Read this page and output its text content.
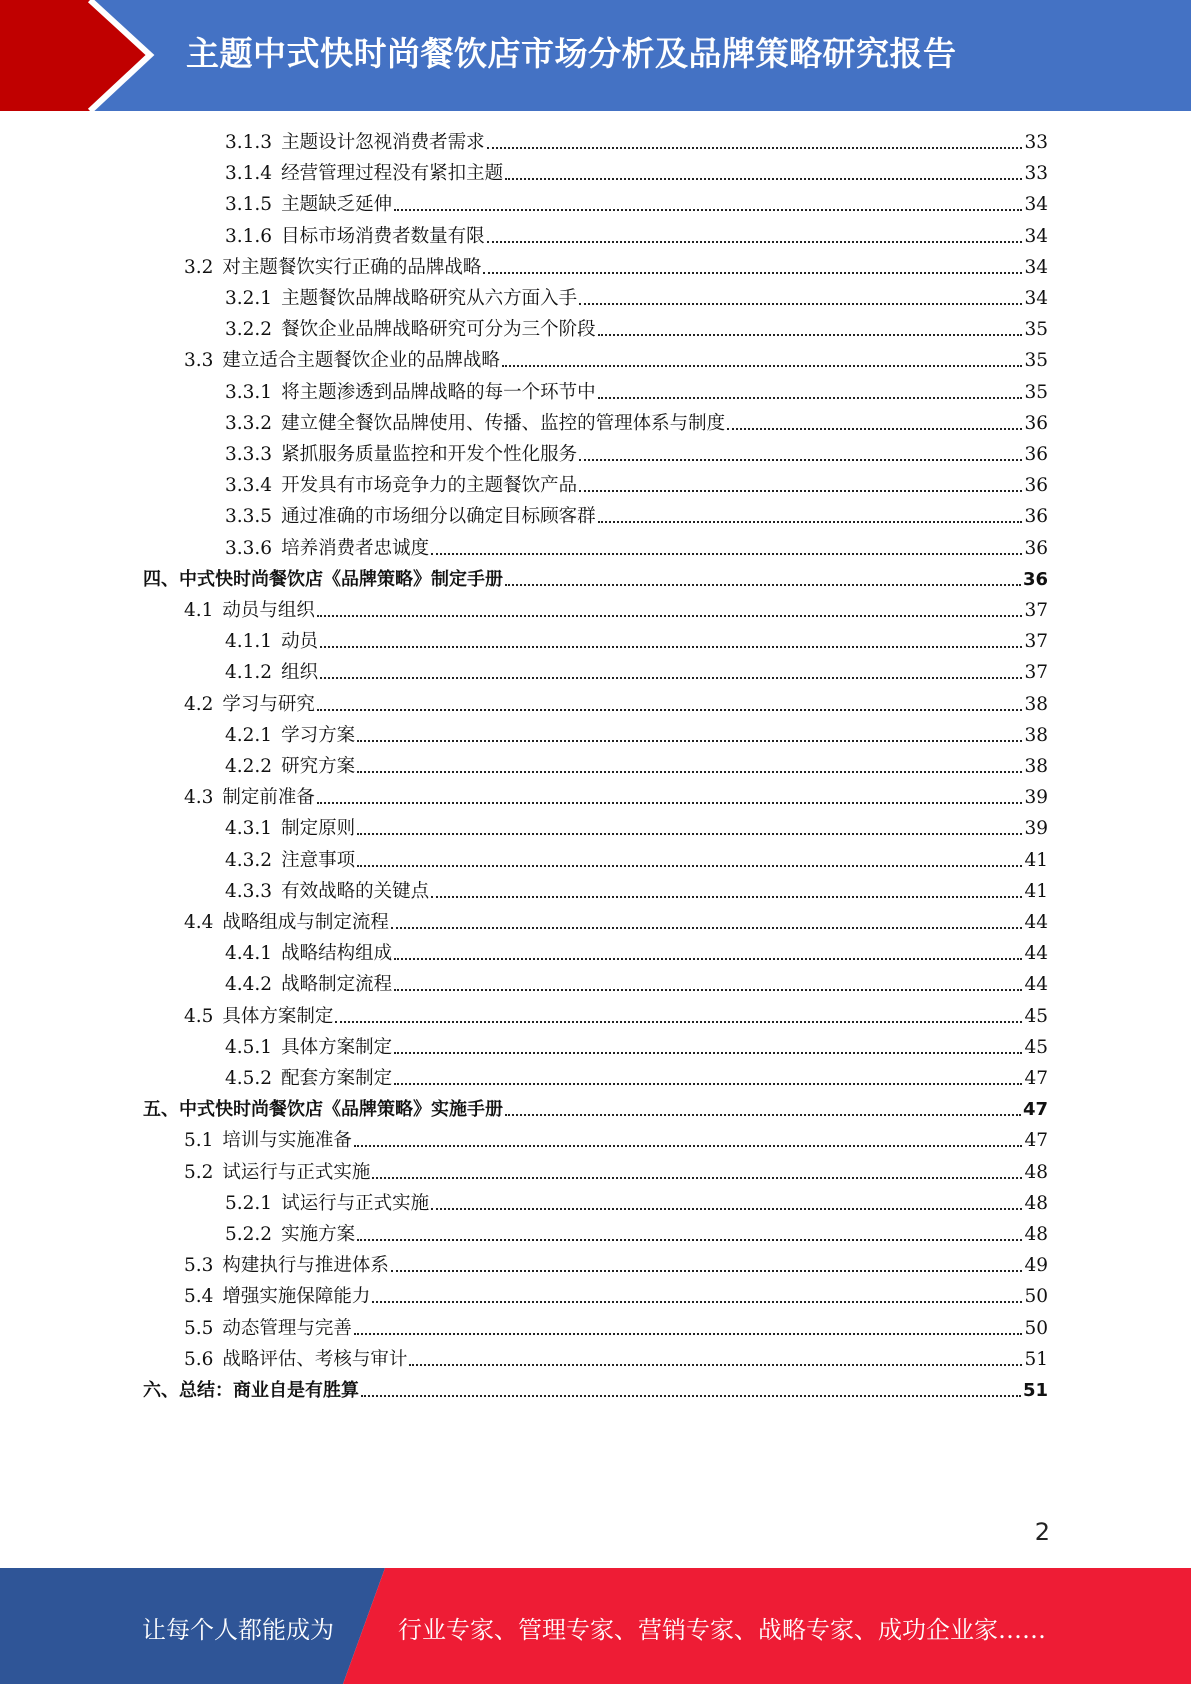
主题中式快时尚餐饮店市场分析及品牌策略研究报告
3.1.3 主题设计忽视消费者需求	33
3.1.4 经营管理过程没有紧扣主题	33
3.1.5 主题缺乏延伸	34
3.1.6 目标市场消费者数量有限	34
3.2 对主题餐饮实行正确的品牌战略	34
3.2.1 主题餐饮品牌战略研究从六方面入手	34
3.2.2 餐饮企业品牌战略研究可分为三个阶段	35
3.3 建立适合主题餐饮企业的品牌战略	35
3.3.1 将主题渗透到品牌战略的每一个环节中	35
3.3.2 建立健全餐饮品牌使用、传播、监控的管理体系与制度	36
3.3.3 紧抓服务质量监控和开发个性化服务	36
3.3.4 开发具有市场竞争力的主题餐饮产品	36
3.3.5 通过准确的市场细分以确定目标顾客群	36
3.3.6 培养消费者忠诚度	36
四、中式快时尚餐饮店《品牌策略》制定手册	36
4.1 动员与组织	37
4.1.1 动员	37
4.1.2 组织	37
4.2 学习与研究	38
4.2.1 学习方案	38
4.2.2 研究方案	38
4.3 制定前准备	39
4.3.1 制定原则	39
4.3.2 注意事项	41
4.3.3 有效战略的关键点	41
4.4 战略组成与制定流程	44
4.4.1 战略结构组成	44
4.4.2 战略制定流程	44
4.5 具体方案制定	45
4.5.1 具体方案制定	45
4.5.2 配套方案制定	47
五、中式快时尚餐饮店《品牌策略》实施手册	47
5.1 培训与实施准备	47
5.2 试运行与正式实施	48
5.2.1 试运行与正式实施	48
5.2.2 实施方案	48
5.3 构建执行与推进体系	49
5.4 增强实施保障能力	50
5.5 动态管理与完善	50
5.6 战略评估、考核与审计	51
六、总结：商业自是有胜算	51
2
让每个人都能成为	行业专家、管理专家、营销专家、战略专家、成功企业家……
